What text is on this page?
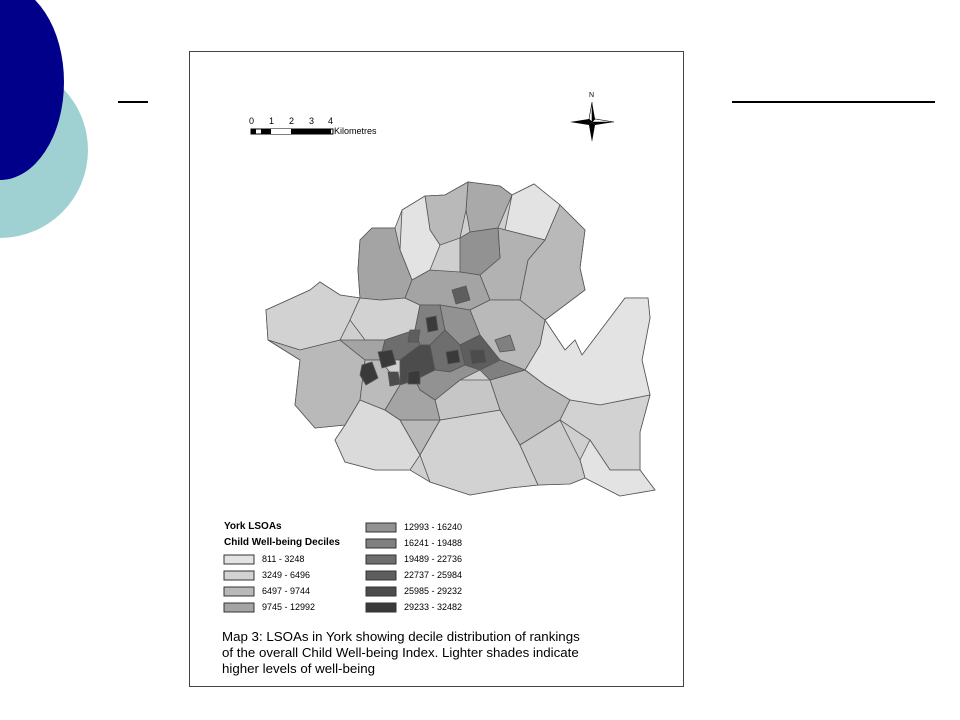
0 1 2 3 4
Kilometres
N
York LSOAs
Child Well-being Deciles
811 - 3248
3249 - 6496
6497 - 9744
9745 - 12992
12993 - 16240
16241 - 19488
19489 - 22736
22737 - 25984
25985 - 29232
29233 - 32482
Map 3: LSOAs in York showing decile distribution of rankings
of the overall Child Well-being Index. Lighter shades indicate
higher levels of well-being
